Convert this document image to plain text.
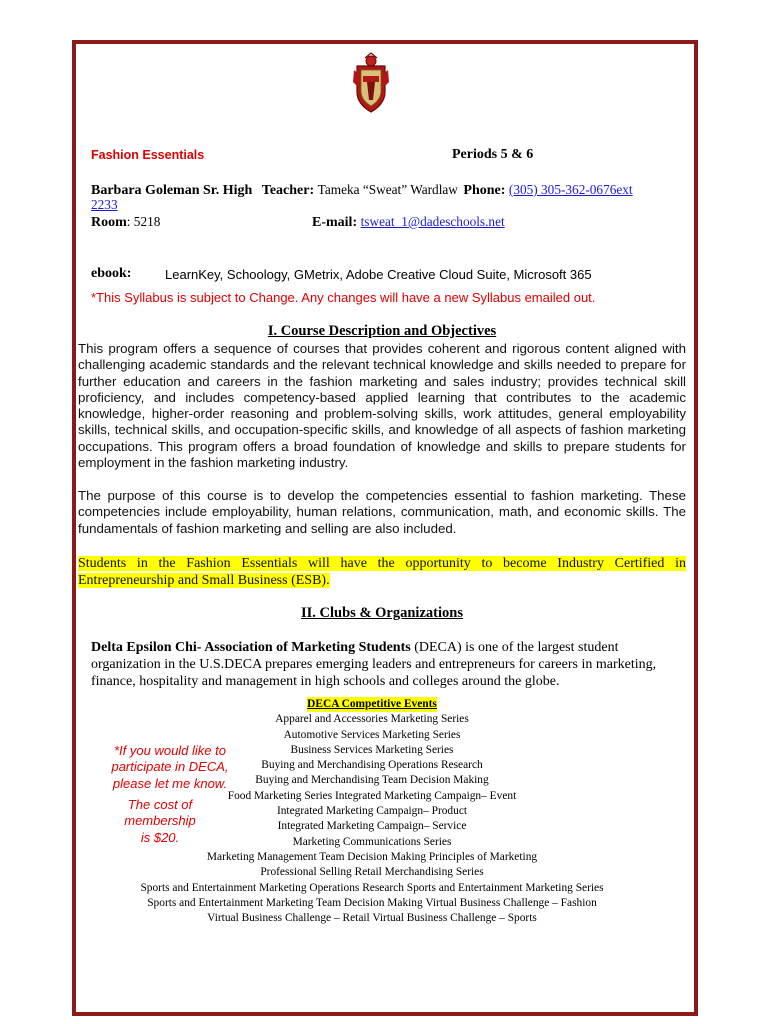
Fashion Essentials	Periods 5 & 6
Barbara Goleman Sr. High Teacher: Tameka “Sweat” Wardlaw Phone: (305) 305-362-0676ext
2233
Room: 5218	E-mail: tsweat_1@dadeschools.net
ebook:	LearnKey, Schoology, GMetrix, Adobe Creative Cloud Suite, Microsoft 365
*This Syllabus is subject to Change. Any changes will have a new Syllabus emailed out.
I. Course Description and Objectives
This program offers a sequence of courses that provides coherent and rigorous content aligned with challenging academic standards and the relevant technical knowledge and skills needed to prepare for further education and careers in the fashion marketing and sales industry; provides technical skill proficiency, and includes competency-based applied learning that contributes to the academic knowledge, higher-order reasoning and problem-solving skills, work attitudes, general employability skills, technical skills, and occupation-specific skills, and knowledge of all aspects of fashion marketing occupations. This program offers a broad foundation of knowledge and skills to prepare students for employment in the fashion marketing industry.
The purpose of this course is to develop the competencies essential to fashion marketing. These competencies include employability, human relations, communication, math, and economic skills. The fundamentals of fashion marketing and selling are also included.
Students in the Fashion Essentials will have the opportunity to become Industry Certified in Entrepreneurship and Small Business (ESB).
II. Clubs & Organizations
Delta Epsilon Chi- Association of Marketing Students (DECA) is one of the largest student
organization in the U.S.DECA prepares emerging leaders and entrepreneurs for careers in marketing,
finance, hospitality and management in high schools and colleges around the globe.
DECA Competitive Events
Apparel and Accessories Marketing Series
Automotive Services Marketing Series
Business Services Marketing Series
Buying and Merchandising Operations Research
Buying and Merchandising Team Decision Making
Food Marketing Series Integrated Marketing Campaign– Event
Integrated Marketing Campaign– Product
Integrated Marketing Campaign– Service
Marketing Communications Series
Marketing Management Team Decision Making Principles of Marketing
Professional Selling Retail Merchandising Series
Sports and Entertainment Marketing Operations Research Sports and Entertainment Marketing Series
Sports and Entertainment Marketing Team Decision Making Virtual Business Challenge – Fashion
Virtual Business Challenge – Retail Virtual Business Challenge – Sports
*If you would like to
participate in DECA,
please let me know.
The cost of
membership
is $20.
